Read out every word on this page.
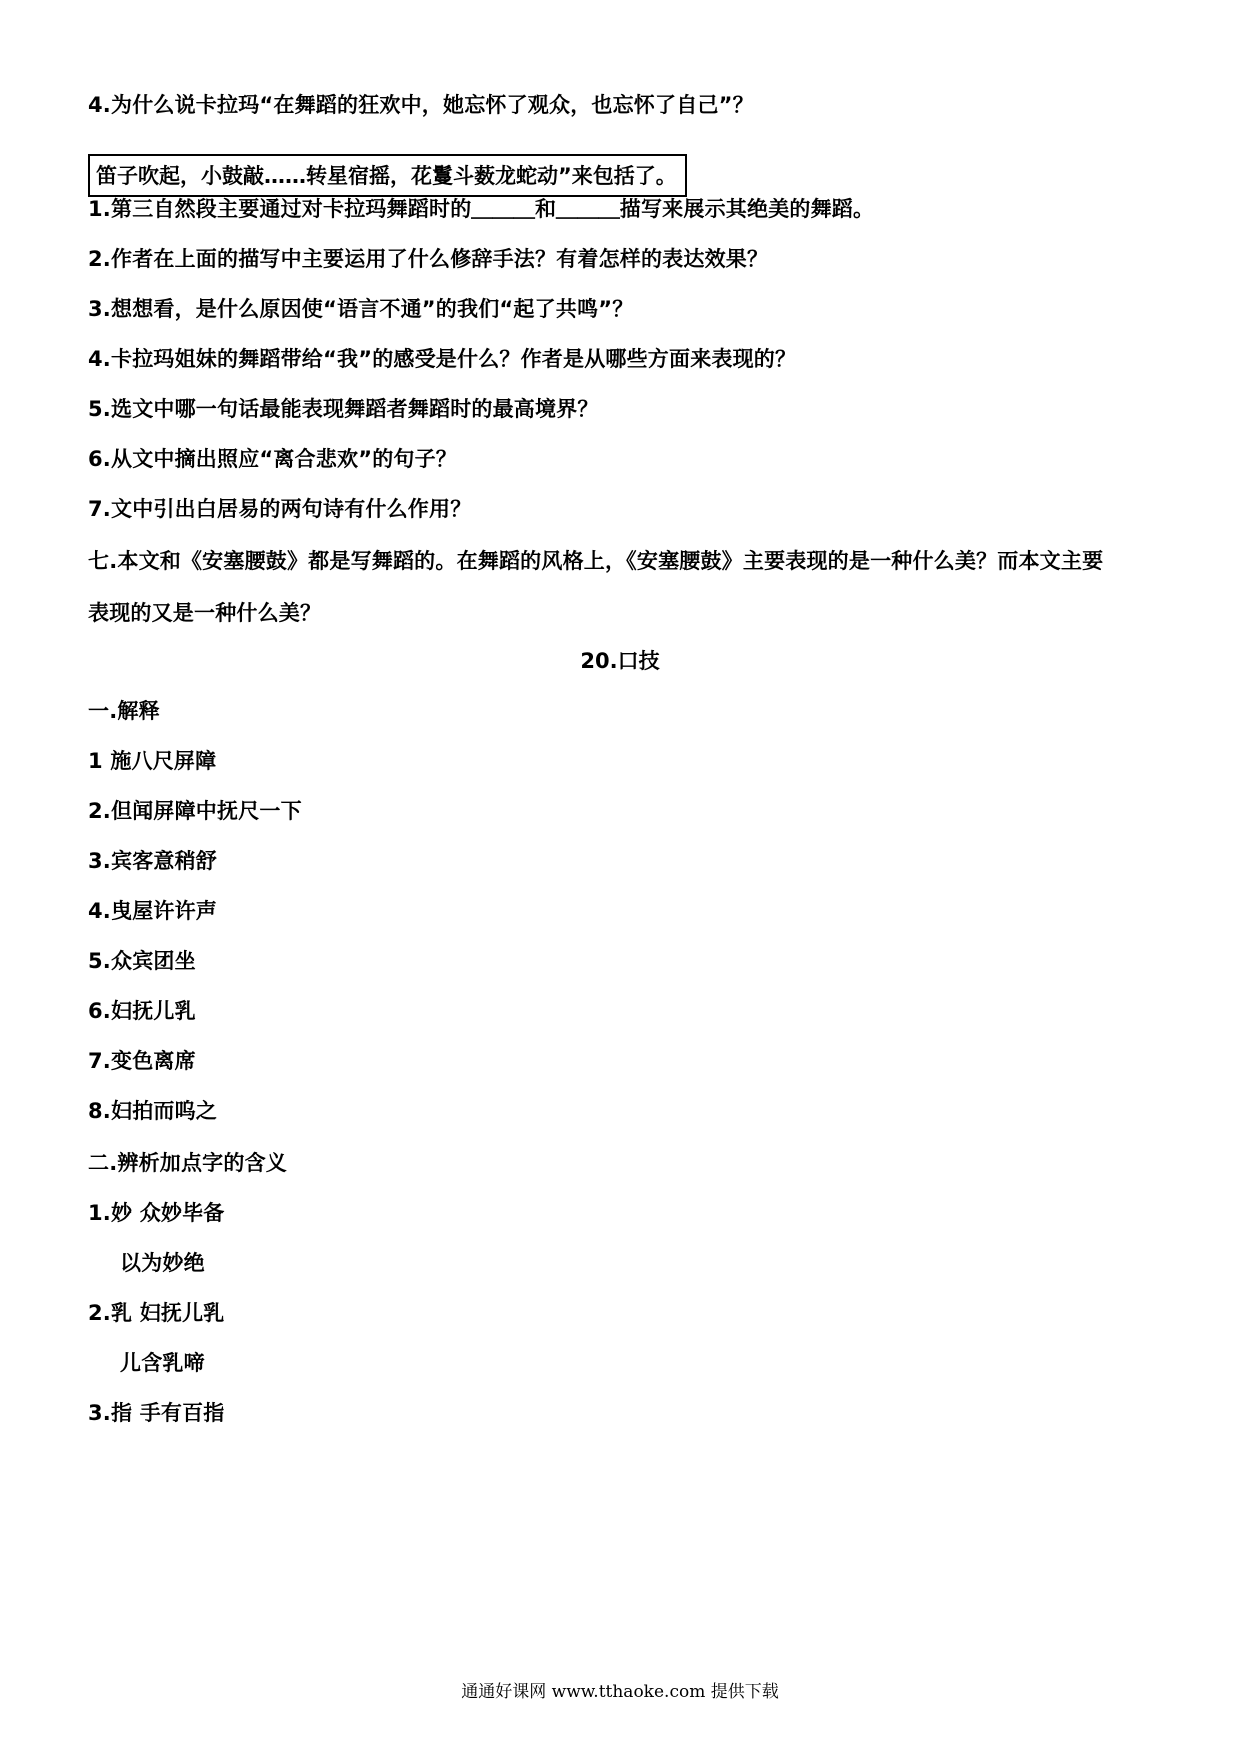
4.为什么说卡拉玛“在舞蹈的狂欢中，她忘怀了观众，也忘怀了自己”？
笛子吹起，小鼓敲……转星宿摇，花鬘斗薮龙蛇动”来包括了。
1.第三自然段主要通过对卡拉玛舞蹈时的＿＿＿和＿＿＿描写来展示其绝美的舞蹈。
2.作者在上面的描写中主要运用了什么修辞手法？有着怎样的表达效果？
3.想想看，是什么原因使“语言不通”的我们“起了共鸣”？
4.卡拉玛姐妹的舞蹈带给“我”的感受是什么？作者是从哪些方面来表现的？
5.选文中哪一句话最能表现舞蹈者舞蹈时的最高境界？
6.从文中摘出照应“离合悲欢”的句子？
7.文中引出白居易的两句诗有什么作用？
七.本文和《安塞腰鼓》都是写舞蹈的。在舞蹈的风格上，《安塞腰鼓》主要表现的是一种什么美？而本文主要
表现的又是一种什么美？
20.口技
一.解释
1 施八尺屏障
2.但闻屏障中抚尺一下
3.宾客意稍舒
4.曳屋许许声
5.众宾团坐
6.妇抚儿乳
7.变色离席
8.妇拍而呜之
二.辨析加点字的含义
1.妙 众妙毕备
以为妙绝
2.乳 妇抚儿乳
儿含乳啼
3.指 手有百指
通通好课网 www.tthaoke.com 提供下载
